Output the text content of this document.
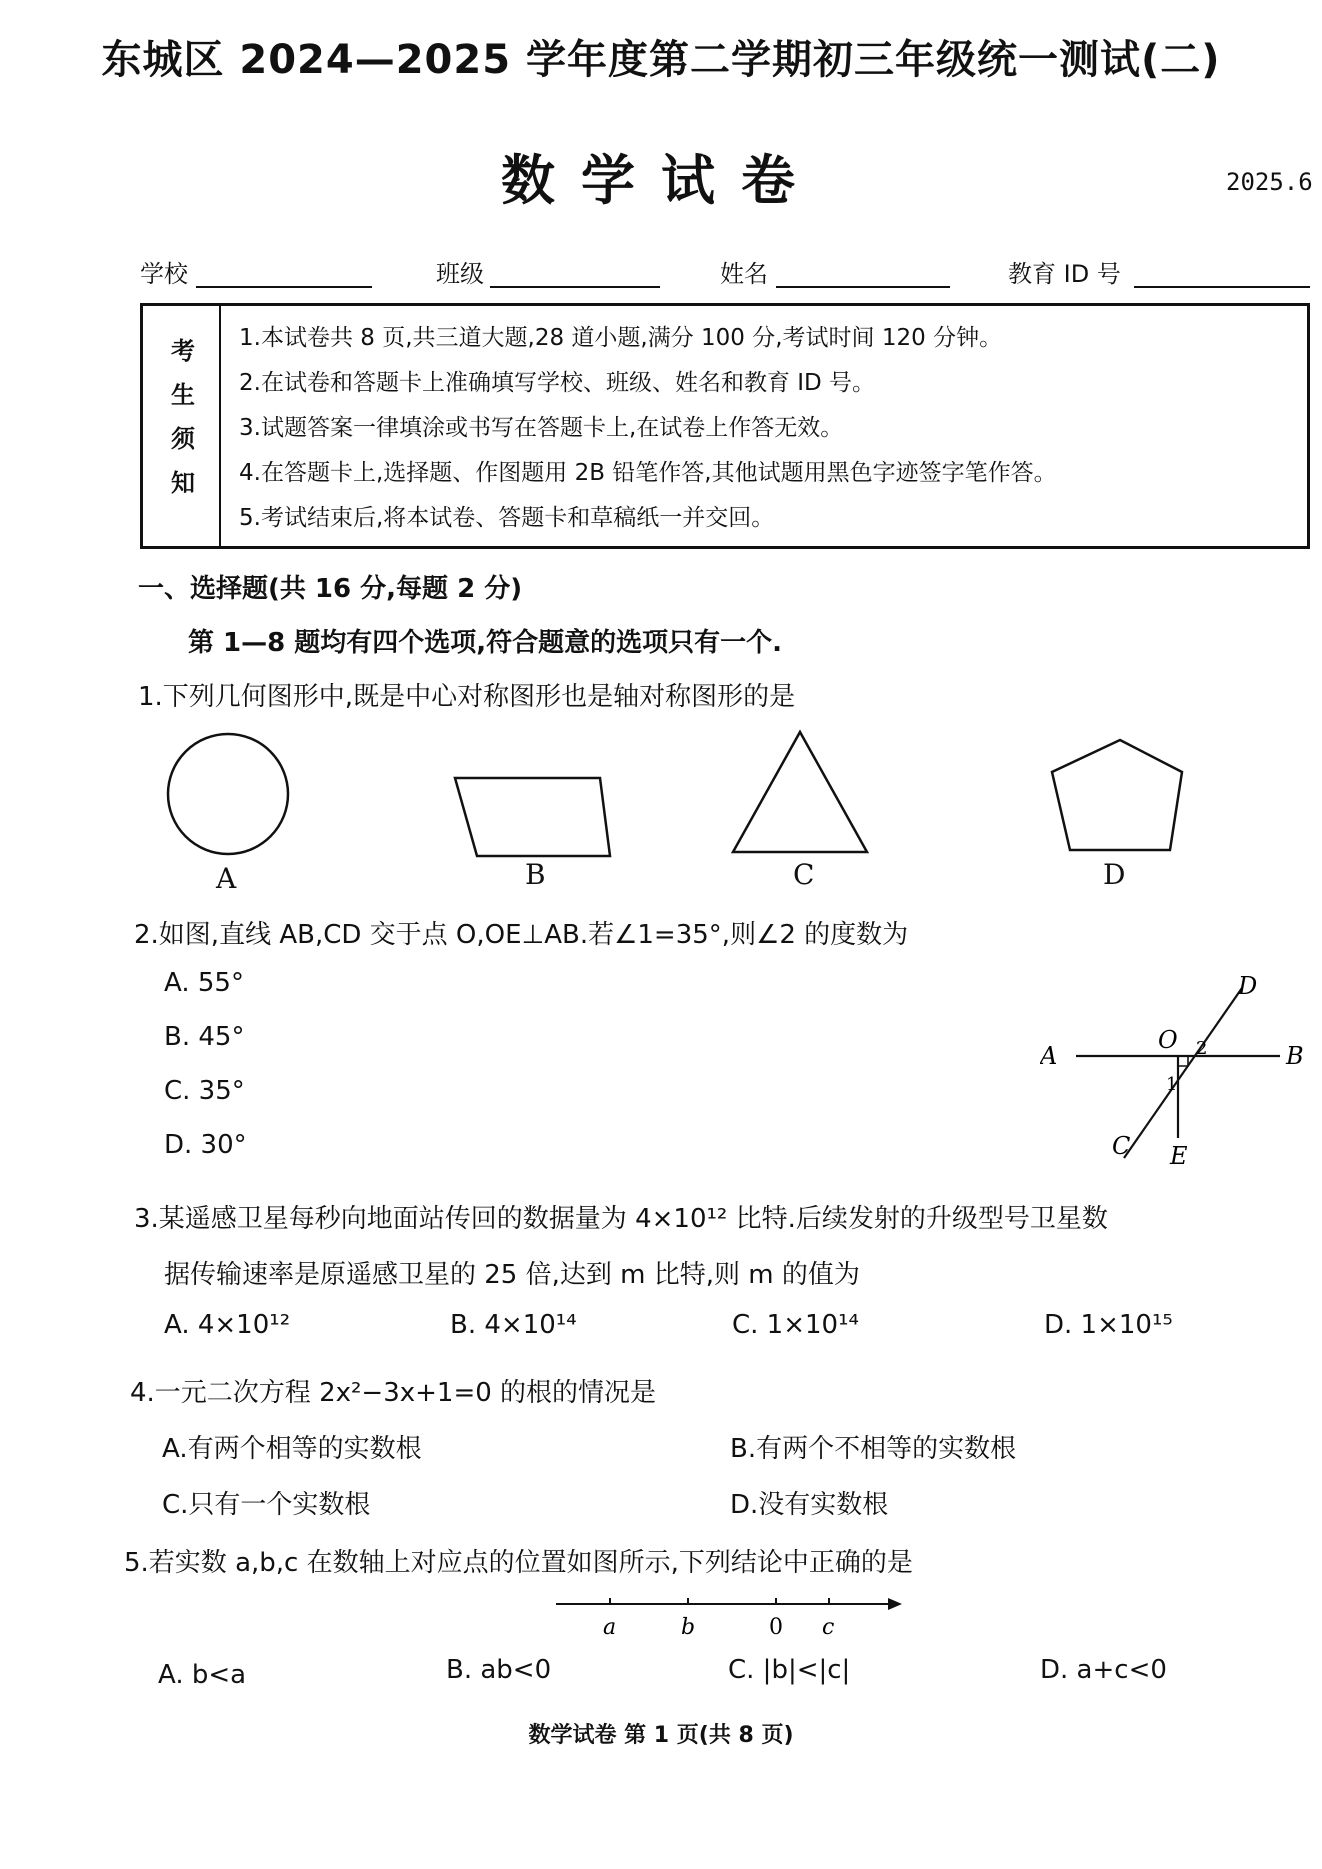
东城区 2024—2025 学年度第二学期初三年级统一测试(二)
数学试卷	2025.6
学校	班级	姓名	教育 ID 号
考生须知 1.本试卷共 8 页,共三道大题,28 道小题,满分 100 分,考试时间 120 分钟。
2.在试卷和答题卡上准确填写学校、班级、姓名和教育 ID 号。
3.试题答案一律填涂或书写在答题卡上,在试卷上作答无效。
4.在答题卡上,选择题、作图题用 2B 铅笔作答,其他试题用黑色字迹签字笔作答。
5.考试结束后,将本试卷、答题卡和草稿纸一并交回。
一、选择题(共 16 分,每题 2 分)
第 1—8 题均有四个选项,符合题意的选项只有一个.
1.下列几何图形中,既是中心对称图形也是轴对称图形的是
A	B	C	D
2.如图,直线 AB,CD 交于点 O,OE⊥AB.若∠1=35°,则∠2 的度数为
A. 55°
B. 45°
C. 35°
D. 30°
A	B
C
D
O
E
1
2
3.某遥感卫星每秒向地面站传回的数据量为 4×10¹² 比特.后续发射的升级型号卫星数
据传输速率是原遥感卫星的 25 倍,达到 m 比特,则 m 的值为
A. 4×10¹²	B. 4×10¹⁴	C. 1×10¹⁴	D. 1×10¹⁵
4.一元二次方程 2x²−3x+1=0 的根的情况是
A.有两个相等的实数根	B.有两个不相等的实数根
C.只有一个实数根	D.没有实数根
5.若实数 a,b,c 在数轴上对应点的位置如图所示,下列结论中正确的是
a	b	0 c
A. b<a	B. ab<0	C. |b|<|c|	D. a+c<0
数学试卷 第 1 页(共 8 页)
